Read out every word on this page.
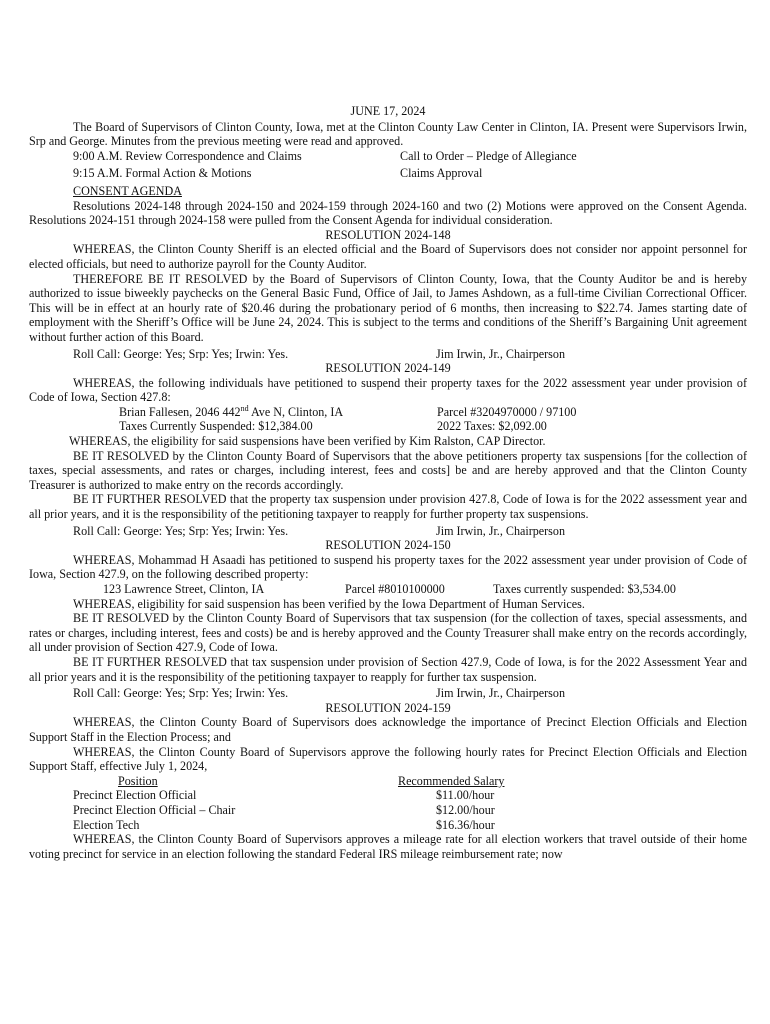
JUNE 17, 2024

The Board of Supervisors of Clinton County, Iowa, met at the Clinton County Law Center in Clinton, IA. Present were Supervisors Irwin, Srp and George. Minutes from the previous meeting were read and approved.

9:00 A.M. Review Correspondence and Claims	Call to Order – Pledge of Allegiance
9:15 A.M. Formal Action & Motions	Claims Approval
CONSENT AGENDA

Resolutions 2024-148 through 2024-150 and 2024-159 through 2024-160 and two (2) Motions were approved on the Consent Agenda. Resolutions 2024-151 through 2024-158 were pulled from the Consent Agenda for individual consideration.

RESOLUTION 2024-148

WHEREAS, the Clinton County Sheriff is an elected official and the Board of Supervisors does not consider nor appoint personnel for elected officials, but need to authorize payroll for the County Auditor.

THEREFORE BE IT RESOLVED by the Board of Supervisors of Clinton County, Iowa, that the County Auditor be and is hereby authorized to issue biweekly paychecks on the General Basic Fund, Office of Jail, to James Ashdown, as a full-time Civilian Correctional Officer. This will be in effect at an hourly rate of $20.46 during the probationary period of 6 months, then increasing to $22.74. James starting date of employment with the Sheriff’s Office will be June 24, 2024. This is subject to the terms and conditions of the Sheriff’s Bargaining Unit agreement without further action of this Board.

Roll Call: George: Yes; Srp: Yes; Irwin: Yes.	Jim Irwin, Jr., Chairperson
RESOLUTION 2024-149

WHEREAS, the following individuals have petitioned to suspend their property taxes for the 2022 assessment year under provision of Code of Iowa, Section 427.8:

Brian Fallesen, 2046 442nd Ave N, Clinton, IA	Parcel #3204970000 / 97100
Taxes Currently Suspended: $12,384.00	2022 Taxes: $2,092.00

WHEREAS, the eligibility for said suspensions have been verified by Kim Ralston, CAP Director.

BE IT RESOLVED by the Clinton County Board of Supervisors that the above petitioners property tax suspensions [for the collection of taxes, special assessments, and rates or charges, including interest, fees and costs] be and are hereby approved and that the Clinton County Treasurer is authorized to make entry on the records accordingly.

BE IT FURTHER RESOLVED that the property tax suspension under provision 427.8, Code of Iowa is for the 2022 assessment year and all prior years, and it is the responsibility of the petitioning taxpayer to reapply for further property tax suspensions.

Roll Call: George: Yes; Srp: Yes; Irwin: Yes.	Jim Irwin, Jr., Chairperson
RESOLUTION 2024-150

WHEREAS, Mohammad H Asaadi has petitioned to suspend his property taxes for the 2022 assessment year under provision of Code of Iowa, Section 427.9, on the following described property:

123 Lawrence Street, Clinton, IA	Parcel #8010100000	Taxes currently suspended: $3,534.00

WHEREAS, eligibility for said suspension has been verified by the Iowa Department of Human Services.

BE IT RESOLVED by the Clinton County Board of Supervisors that tax suspension (for the collection of taxes, special assessments, and rates or charges, including interest, fees and costs) be and is hereby approved and the County Treasurer shall make entry on the records accordingly, all under provision of Section 427.9, Code of Iowa.

BE IT FURTHER RESOLVED that tax suspension under provision of Section 427.9, Code of Iowa, is for the 2022 Assessment Year and all prior years and it is the responsibility of the petitioning taxpayer to reapply for further tax suspension.

Roll Call: George: Yes; Srp: Yes; Irwin: Yes.	Jim Irwin, Jr., Chairperson
RESOLUTION 2024-159

WHEREAS, the Clinton County Board of Supervisors does acknowledge the importance of Precinct Election Officials and Election Support Staff in the Election Process; and

WHEREAS, the Clinton County Board of Supervisors approve the following hourly rates for Precinct Election Officials and Election Support Staff, effective July 1, 2024,

Position	Recommended Salary
Precinct Election Official	$11.00/hour
Precinct Election Official – Chair	$12.00/hour
Election Tech	$16.36/hour

WHEREAS, the Clinton County Board of Supervisors approves a mileage rate for all election workers that travel outside of their home voting precinct for service in an election following the standard Federal IRS mileage reimbursement rate; now
